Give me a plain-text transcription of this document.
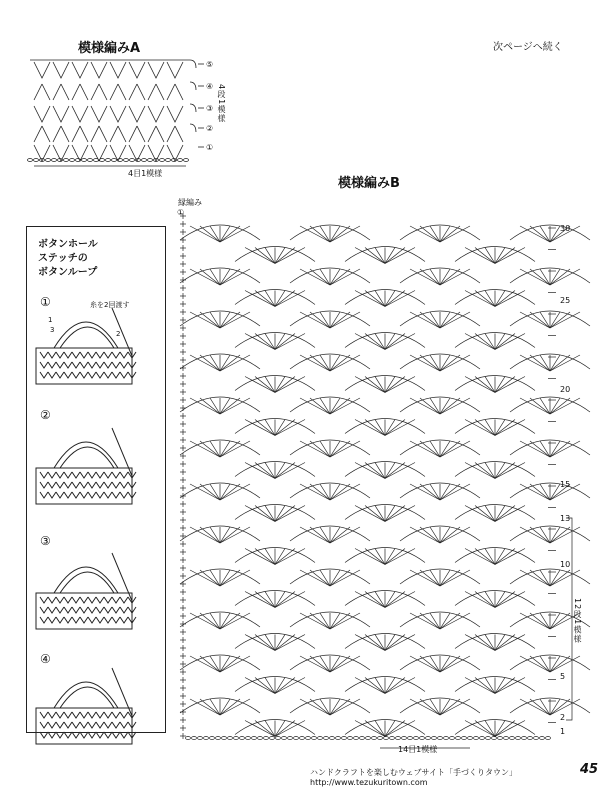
模様編みA	次ページへ続く
模様編みB
縁編み
①
⑤
④
③
②
①
4段1模様
4目1模様
30
25
20
15
13
10
5
2
1
12段1模様
14目1模様
ボタンホール
ステッチの
ボタンループ
①
②
③
④
糸を2回渡す
1
3	2
ハンドクラフトを楽しむウェブサイト「手づくりタウン」http://www.tezukuritown.com
45
